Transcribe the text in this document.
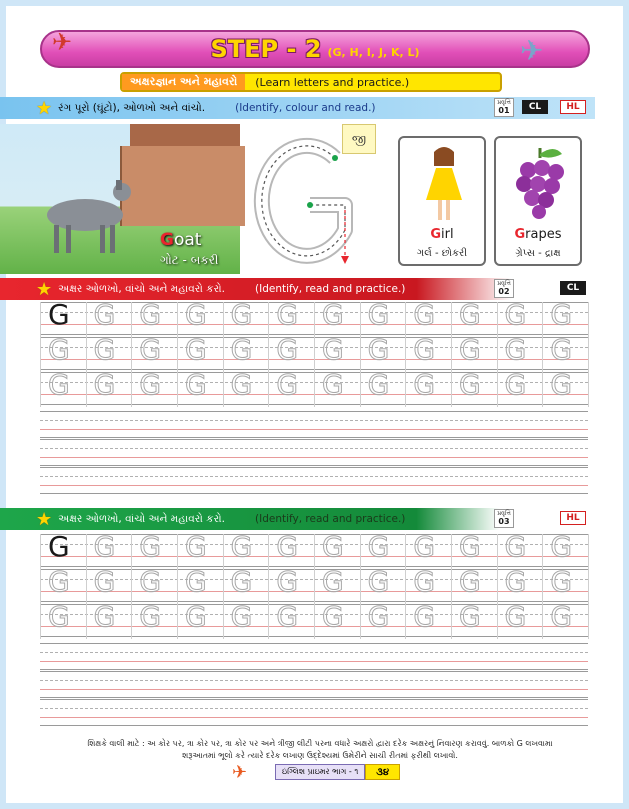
STEP - 2 (G, H, I, J, K, L)
✈	✈
અક્ષરજ્ઞાન અને મહાવરો	(Learn letters and practice.)
★ રંગ પૂરો (ઘૂંટો), ઓળખો અને વાંચો.	(Identify, colour and read.)	પ્રવૃત્તિ
01	CL	HL
Goat
ગોટ - બકરી
જી
Girl
ગર્લ - છોકરી
Grapes
ગ્રેપ્સ - દ્રાક્ષ
★ અક્ષર ઓળખો, વાંચો અને મહાવરો કરો.	(Identify, read and practice.)	પ્રવૃત્તિ
02	CL
G G G G G G G G G G G G
G G G G G G G G G G G G
G G G G G G G G G G G G
★ અક્ષર ઓળખો, વાંચો અને મહાવરો કરો.	(Identify, read and practice.)	પ્રવૃત્તિ
03	HL
G G G G G G G G G G G G
G G G G G G G G G G G G
G G G G G G G G G G G G
શિક્ષકે વાલી માટે : અ કોર પર, ત્રા કોર પર, ત્રા કોર પર અને ત્રીજી લીટી પરના વધારે અક્ષરો દ્વારા દરેક અક્ષરનું નિવારણ કરાવવું. બાળકો G લખવામા
શરૂઆતમાં ભૂલો કરે ત્યારે દરેક લખાણ ઉદ્દેશ્યમાં ઉમેરીને સાચી રીતમાં ફરીથી લખાવો.
✈	ઇંગ્લિશ પ્રાઇમર ભાગ - ૧	૩૪
